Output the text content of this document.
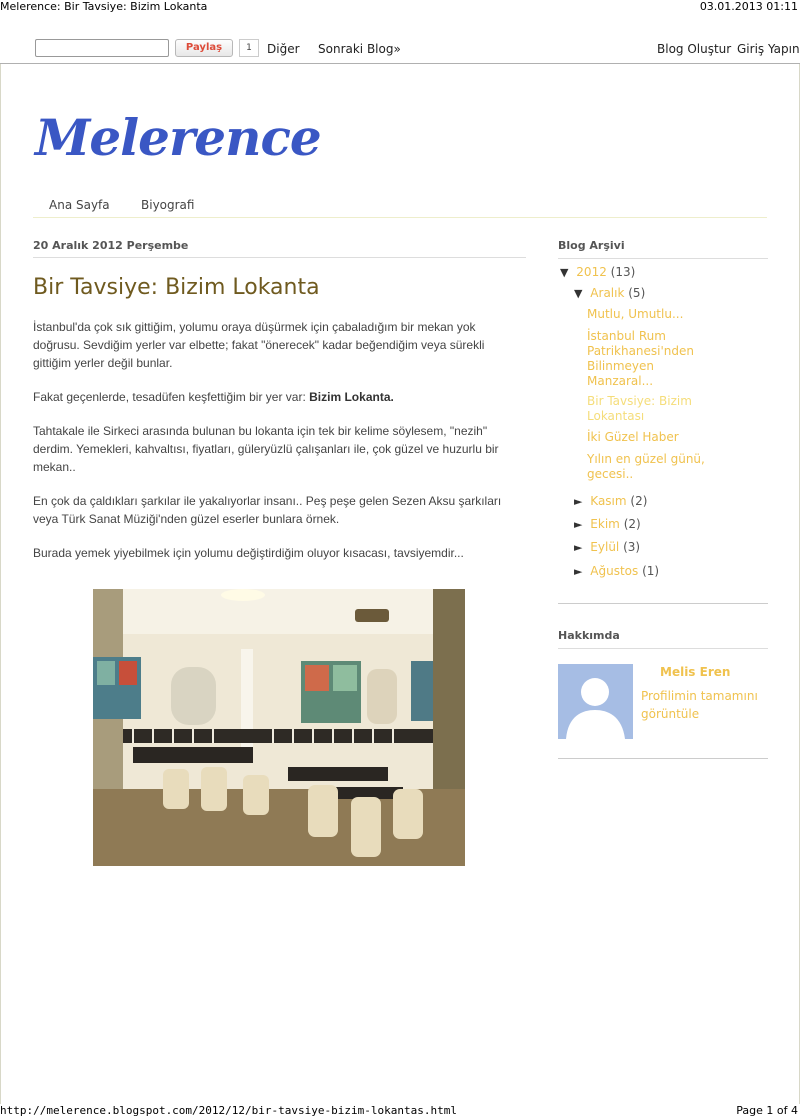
Melerence: Bir Tavsiye: Bizim Lokanta	03.01.2013 01:11
Paylaş	1	Diğer Sonraki Blog»	Blog Oluştur Giriş Yapın
Melerence
Ana Sayfa	Biyografi
20 Aralık 2012 Perşembe
Bir Tavsiye: Bizim Lokanta

İstanbul'da çok sık gittiğim, yolumu oraya düşürmek için çabaladığım bir mekan yok doğrusu. Sevdiğim yerler var elbette; fakat "önerecek" kadar beğendiğim veya sürekli gittiğim yerler değil bunlar.

Fakat geçenlerde, tesadüfen keşfettiğim bir yer var: Bizim Lokanta.

Tahtakale ile Sirkeci arasında bulunan bu lokanta için tek bir kelime söylesem, "nezih" derdim. Yemekleri, kahvaltısı, fiyatları, güleryüzlü çalışanları ile, çok güzel ve huzurlu bir mekan..

En çok da çaldıkları şarkılar ile yakalıyorlar insanı.. Peş peşe gelen Sezen Aksu şarkıları veya Türk Sanat Müziği'nden güzel eserler bunlara örnek.

Burada yemek yiyebilmek için yolumu değiştirdiğim oluyor kısacası, tavsiyemdir...

Blog Arşivi
▼ 2012 (13)
▼ Aralık (5)
Mutlu, Umutlu...
İstanbul Rum Patrikhanesi'nden Bilinmeyen Manzaral...
Bir Tavsiye: Bizim Lokantası
İki Güzel Haber
Yılın en güzel günü, gecesi..
► Kasım (2)
► Ekim (2)
► Eylül (3)
► Ağustos (1)
Hakkımda
Melis Eren
Profilimin tamamını görüntüle
http://melerence.blogspot.com/2012/12/bir-tavsiye-bizim-lokantas.html	Page 1 of 4
